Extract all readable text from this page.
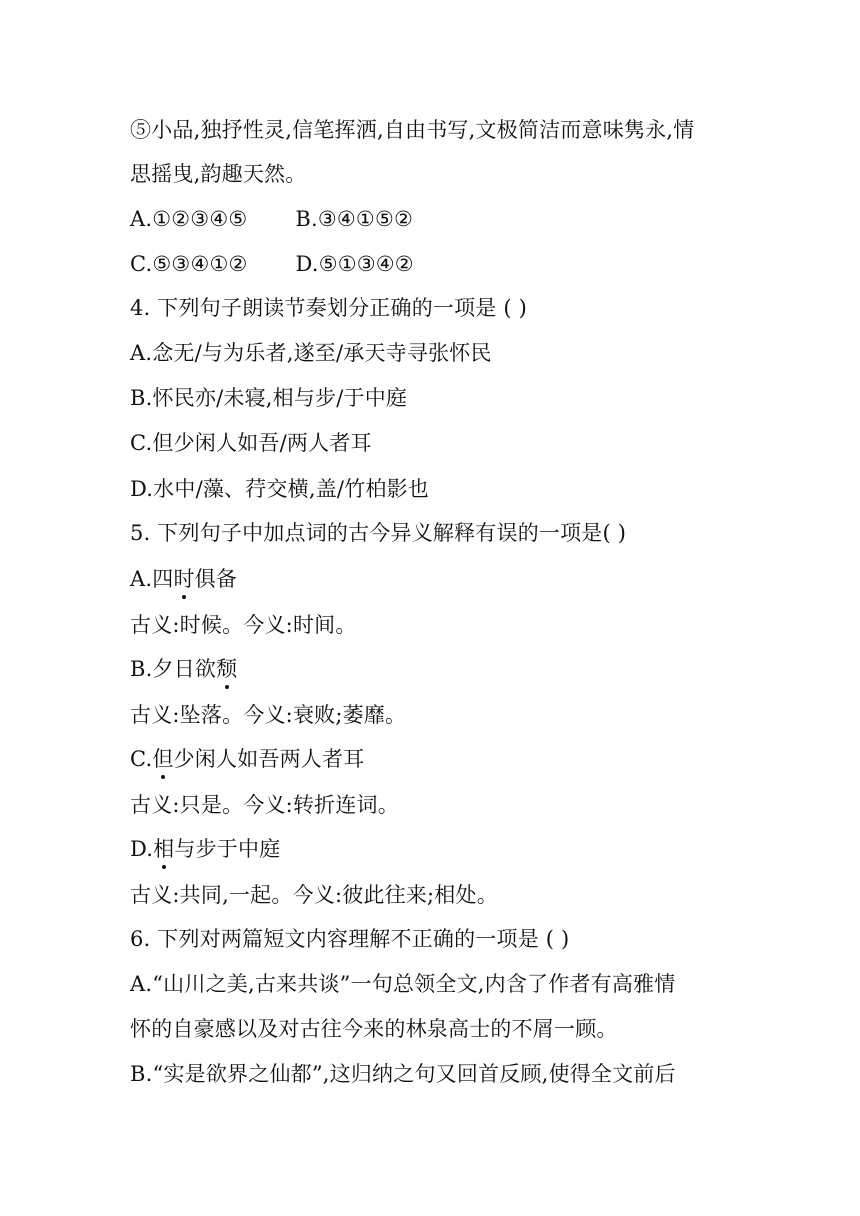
⑤小品,独抒性灵,信笔挥洒,自由书写,文极简洁而意味隽永,情
思摇曳,韵趣天然。
A.①②③④⑤ B.③④①⑤②
C.⑤③④①② D.⑤①③④②
4. 下列句子朗读节奏划分正确的一项是 ( )
A.念无/与为乐者,遂至/承天寺寻张怀民
B.怀民亦/未寝,相与步/于中庭
C.但少闲人如吾/两人者耳
D.水中/藻、荇交横,盖/竹柏影也
5. 下列句子中加点词的古今异义解释有误的一项是( )
A.四时俱备
古义:时候。今义:时间。
B.夕日欲颓
古义:坠落。今义:衰败;萎靡。
C.但少闲人如吾两人者耳
古义:只是。今义:转折连词。
D.相与步于中庭
古义:共同,一起。今义:彼此往来;相处。
6. 下列对两篇短文内容理解不正确的一项是 ( )
A.“山川之美,古来共谈”一句总领全文,内含了作者有高雅情
怀的自豪感以及对古往今来的林泉高士的不屑一顾。
B.“实是欲界之仙都”,这归纳之句又回首反顾,使得全文前后
